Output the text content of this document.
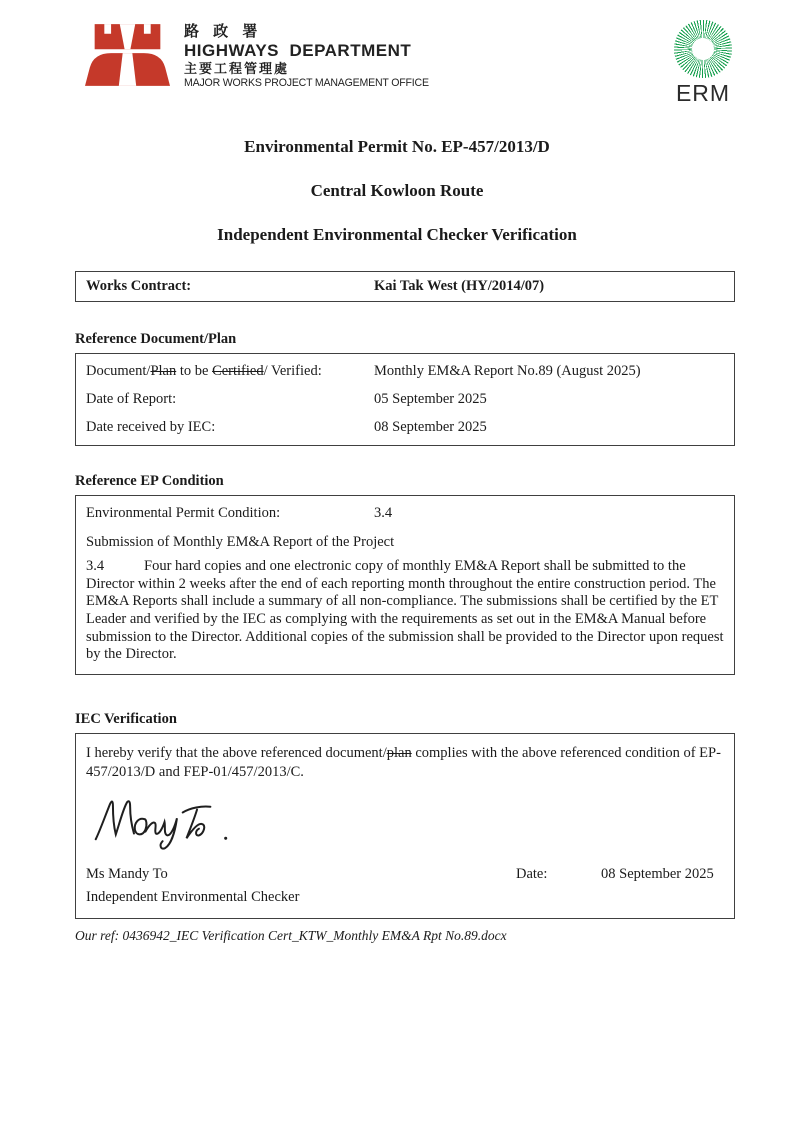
路 政 署
HIGHWAYS  DEPARTMENT
主要工程管理處
MAJOR WORKS PROJECT MANAGEMENT OFFICE	ERM
Environmental Permit No. EP-457/2013/D
Central Kowloon Route
Independent Environmental Checker Verification
Works Contract:	Kai Tak West (HY/2014/07)
Reference Document/Plan
Document/Plan to be Certified/ Verified:	Monthly EM&A Report No.89 (August 2025)
Date of Report:	05 September 2025
Date received by IEC:	08 September 2025
Reference EP Condition
Environmental Permit Condition:	3.4
Submission of Monthly EM&A Report of the Project

3.4	Four hard copies and one electronic copy of monthly EM&A Report shall be submitted to the Director within 2 weeks after the end of each reporting month throughout the entire construction period. The EM&A Reports shall include a summary of all non-compliance. The submissions shall be certified by the ET Leader and verified by the IEC as complying with the requirements as set out in the EM&A Manual before submission to the Director. Additional copies of the submission shall be provided to the Director upon request by the Director.

IEC Verification

I hereby verify that the above referenced document/plan complies with the above referenced condition of EP-457/2013/D and FEP-01/457/2013/C.

Ms Mandy To	Date:	08 September 2025
Independent Environmental Checker
Our ref: 0436942_IEC Verification Cert_KTW_Monthly EM&A Rpt No.89.docx
